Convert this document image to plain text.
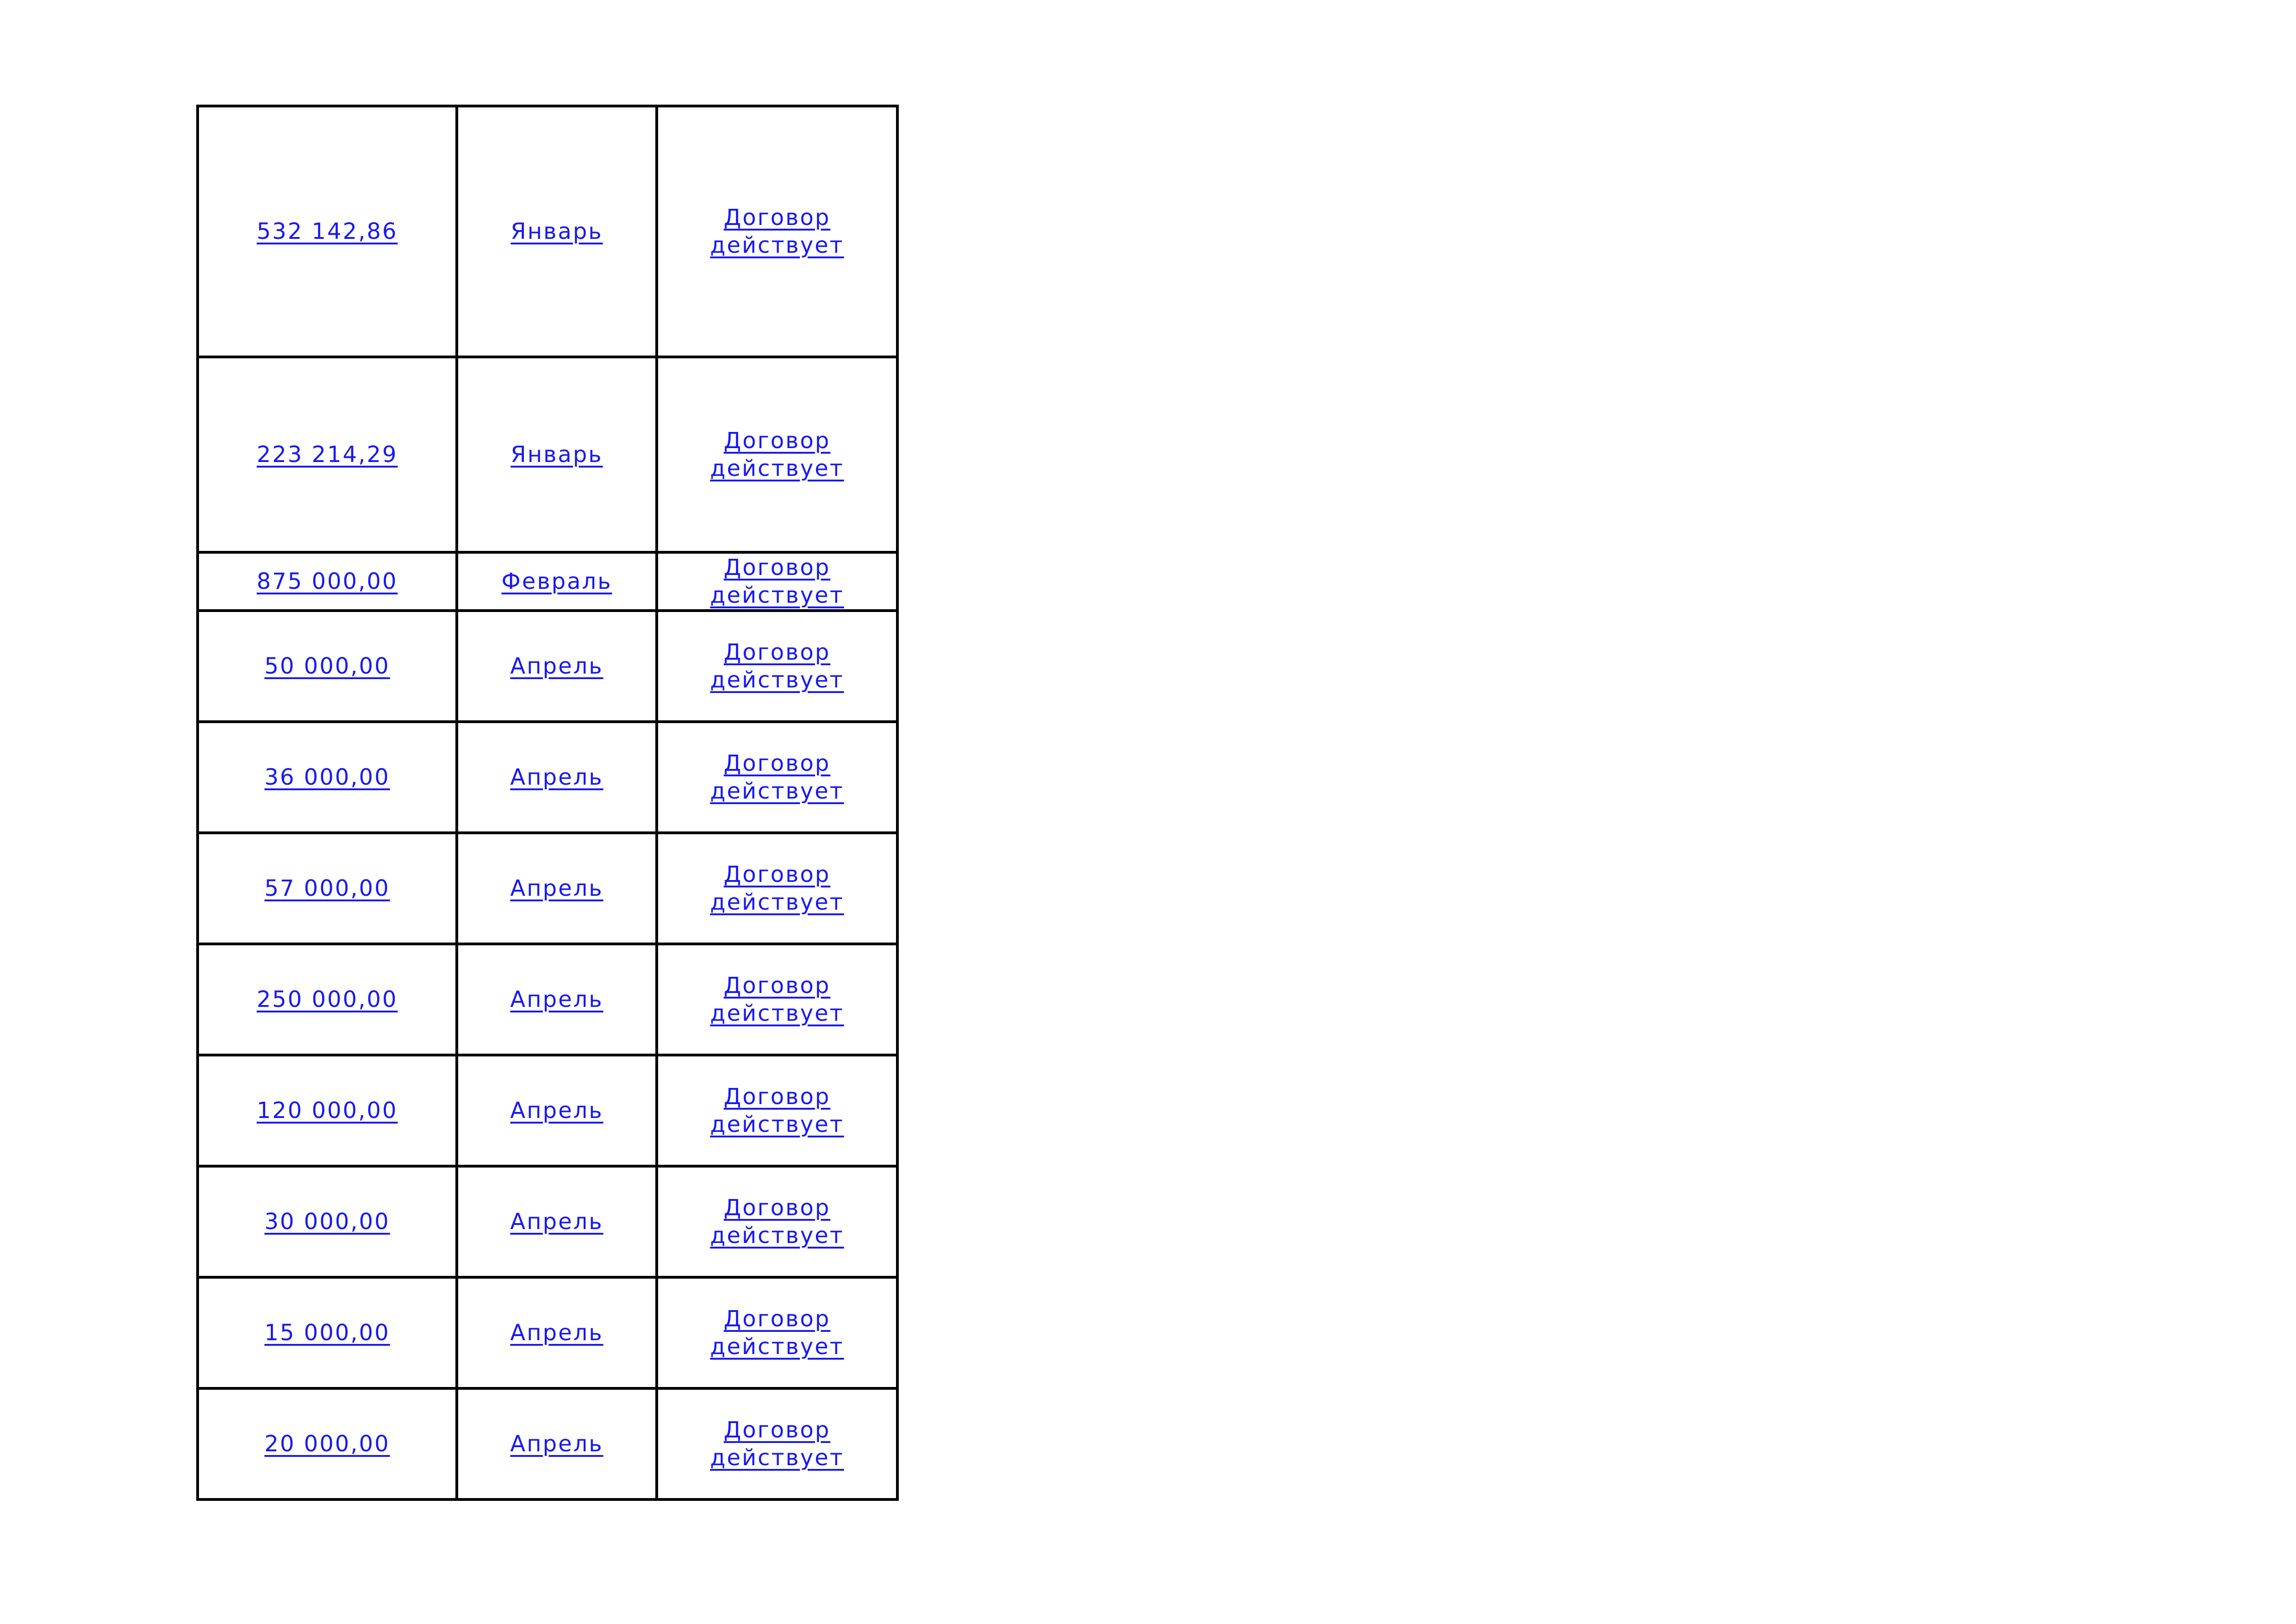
532 142,86	Январь	Договор действует
223 214,29	Январь	Договор действует
875 000,00	Февраль	Договор действует
50 000,00	Апрель	Договор действует
36 000,00	Апрель	Договор действует
57 000,00	Апрель	Договор действует
250 000,00	Апрель	Договор действует
120 000,00	Апрель	Договор действует
30 000,00	Апрель	Договор действует
15 000,00	Апрель	Договор действует
20 000,00	Апрель	Договор действует
